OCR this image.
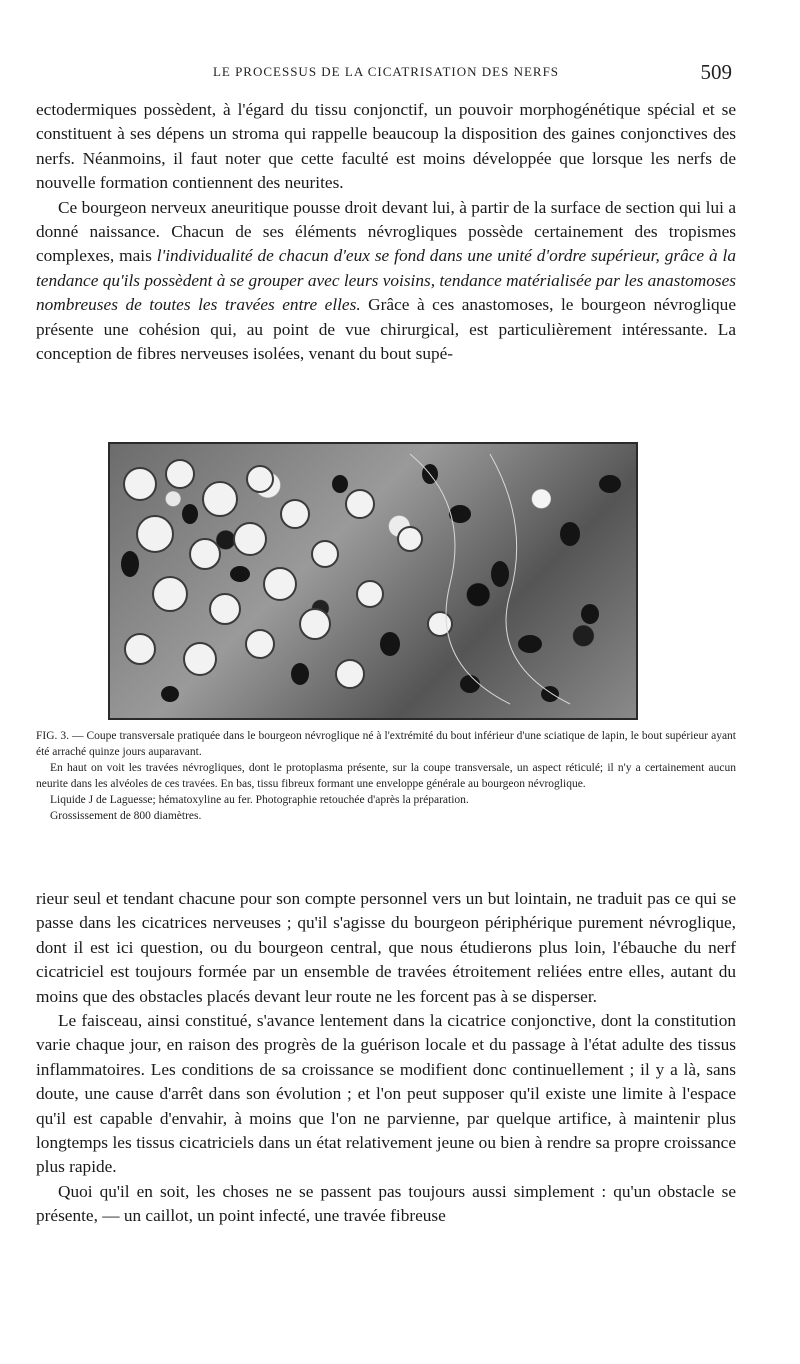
LE PROCESSUS DE LA CICATRISATION DES NERFS	509

ectodermiques possèdent, à l'égard du tissu conjonctif, un pouvoir morphogénétique spécial et se constituent à ses dépens un stroma qui rappelle beaucoup la disposition des gaines conjonctives des nerfs. Néanmoins, il faut noter que cette faculté est moins développée que lorsque les nerfs de nouvelle formation contiennent des neurites.

Ce bourgeon nerveux aneuritique pousse droit devant lui, à partir de la surface de section qui lui a donné naissance. Chacun de ses éléments névrogliques possède certainement des tropismes complexes, mais l'individualité de chacun d'eux se fond dans une unité d'ordre supérieur, grâce à la tendance qu'ils possèdent à se grouper avec leurs voisins, tendance matérialisée par les anastomoses nombreuses de toutes les travées entre elles. Grâce à ces anastomoses, le bourgeon névroglique présente une cohésion qui, au point de vue chirurgical, est particulièrement intéressante. La conception de fibres nerveuses isolées, venant du bout supé-

FIG. 3. — Coupe transversale pratiquée dans le bourgeon névroglique né à l'extrémité du bout inférieur d'une sciatique de lapin, le bout supérieur ayant été arraché quinze jours auparavant.

En haut on voit les travées névrogliques, dont le protoplasma présente, sur la coupe transversale, un aspect réticulé; il n'y a certainement aucun neurite dans les alvéoles de ces travées. En bas, tissu fibreux formant une enveloppe générale au bourgeon névroglique.

Liquide J de Laguesse; hématoxyline au fer. Photographie retouchée d'après la préparation.

Grossissement de 800 diamètres.

rieur seul et tendant chacune pour son compte personnel vers un but lointain, ne traduit pas ce qui se passe dans les cicatrices nerveuses ; qu'il s'agisse du bourgeon périphérique purement névroglique, dont il est ici question, ou du bourgeon central, que nous étudierons plus loin, l'ébauche du nerf cicatriciel est toujours formée par un ensemble de travées étroitement reliées entre elles, autant du moins que des obstacles placés devant leur route ne les forcent pas à se disperser.

Le faisceau, ainsi constitué, s'avance lentement dans la cicatrice conjonctive, dont la constitution varie chaque jour, en raison des progrès de la guérison locale et du passage à l'état adulte des tissus inflammatoires. Les conditions de sa croissance se modifient donc continuellement ; il y a là, sans doute, une cause d'arrêt dans son évolution ; et l'on peut supposer qu'il existe une limite à l'espace qu'il est capable d'envahir, à moins que l'on ne parvienne, par quelque artifice, à maintenir plus longtemps les tissus cicatriciels dans un état relativement jeune ou bien à rendre sa propre croissance plus rapide.

Quoi qu'il en soit, les choses ne se passent pas toujours aussi simplement : qu'un obstacle se présente, — un caillot, un point infecté, une travée fibreuse
